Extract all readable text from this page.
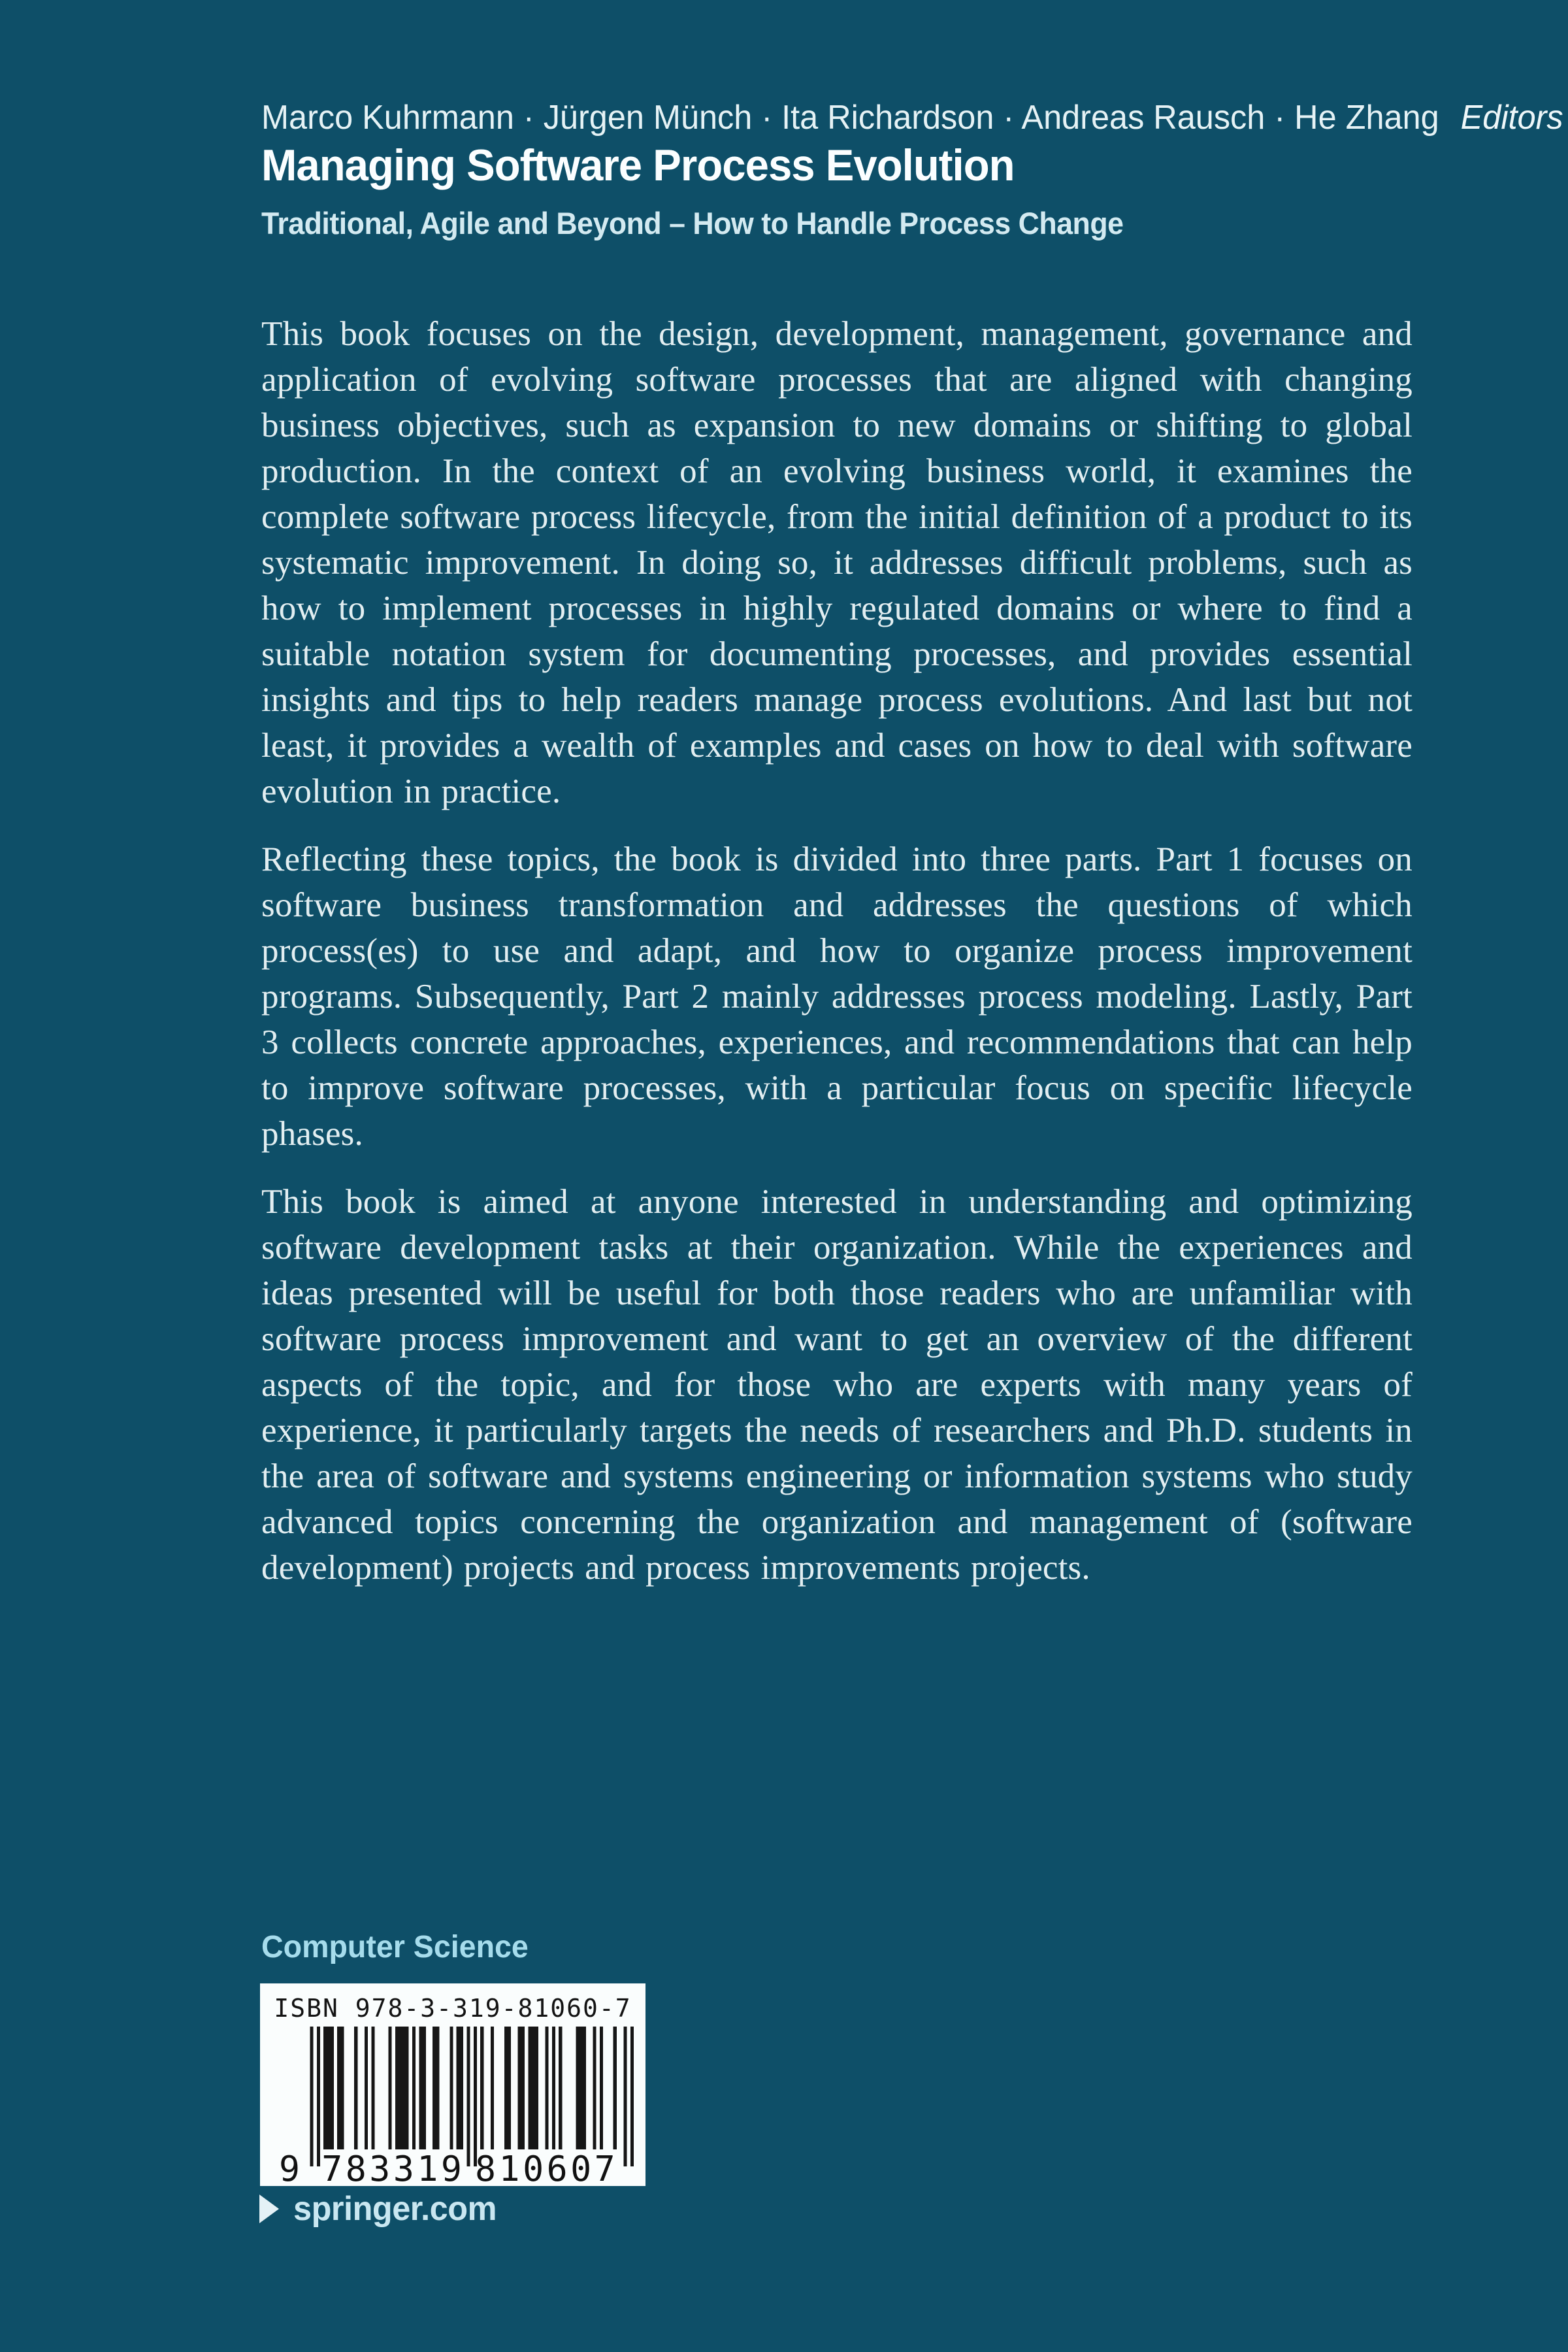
Marco Kuhrmann · Jürgen Münch · Ita Richardson · Andreas Rausch · He Zhang Editors
Managing Software Process Evolution
Traditional, Agile and Beyond – How to Handle Process Change

This book focuses on the design, development, management, governance and application of evolving software processes that are aligned with changing business objectives, such as expansion to new domains or shifting to global production. In the context of an evolving business world, it examines the complete software process lifecycle, from the initial definition of a product to its systematic improvement. In doing so, it addresses difficult problems, such as how to implement processes in highly regulated domains or where to find a suitable notation system for documenting processes, and provides essential insights and tips to help readers manage process evolutions. And last but not least, it provides a wealth of examples and cases on how to deal with software evolution in practice.

Reflecting these topics, the book is divided into three parts. Part 1 focuses on software business transformation and addresses the questions of which process(es) to use and adapt, and how to organize process improvement programs. Subsequently, Part 2 mainly addresses process modeling. Lastly, Part 3 collects concrete approaches, experiences, and recommendations that can help to improve software processes, with a particular focus on specific lifecycle phases.

This book is aimed at anyone interested in understanding and optimizing software development tasks at their organization. While the experiences and ideas presented will be useful for both those readers who are unfamiliar with software process improvement and want to get an overview of the different aspects of the topic, and for those who are experts with many years of experience, it particularly targets the needs of researchers and Ph.D. students in the area of software and systems engineering or information systems who study advanced topics concerning the organization and management of (software development) projects and process improvements projects.

Computer Science
ISBN 978-3-319-81060-7
9	7 8 3 3 1 9 8 1 0 6 0 7
springer.com
